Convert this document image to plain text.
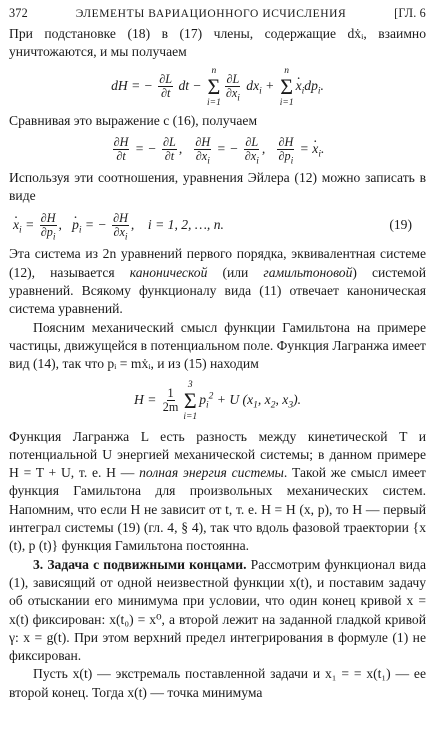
372	ЭЛЕМЕНТЫ ВАРИАЦИОННОГО ИСЧИСЛЕНИЯ	[ГЛ. 6

При подстановке (18) в (17) члены, содержащие dẋᵢ, взаимно уничтожаются, и мы получаем

dH = − $\frac{\partial L}{\partial t}$ dt −
n
Σ
i=1
$\frac{\partial L}{\partial x_i} dx_i$ +
n
Σ
i=1
· $x_idp_i$.

Сравнивая это выражение с (16), получаем

$\frac{\partial H}{\partial t}$ = − $\frac{\partial L}{\partial t}$ , $\frac{\partial H}{\partial x_i}$ = − $\frac{\partial L}{\partial x_i}$ , $\frac{\partial H}{\partial p_i}$ = · $x_i$.

Используя эти соотношения, уравнения Эйлера (12) можно записать в виде

· $x_i = \frac{\partial H}{\partial p_i}$ ,   · $p_i$ = − $\frac{\partial H}{\partial x_i}$ , i = 1, 2, …, n.	(19)

Эта система из 2n уравнений первого порядка, эквивалентная системе (12), называется канонической (или гамильтоновой) системой уравнений. Всякому функционалу вида (11) отвечает каноническая система уравнений.

Поясним механический смысл функции Гамильтона на примере частицы, движущейся в потенциальном поле. Функция Лагранжа имеет вид (14), так что pᵢ = mẋᵢ, и из (15) находим

$H = \frac{1}{2m}$
3
Σ
i=1
$p_i^2 + U$ ($x_1$, $x_2$, $x_3$).

Функция Лагранжа L есть разность между кинетической T и потенциальной U энергией механической системы; в данном примере H = T + U, т. е. H — полная энергия системы. Такой же смысл имеет функция Гамильтона для произвольных механических систем. Напомним, что если H не зависит от t, т. е. H = H (x, p), то H — первый интеграл системы (19) (гл. 4, § 4), так что вдоль фазовой траектории {x (t), p (t)} функция Гамильтона постоянна.

3. Задача с подвижными концами. Рассмотрим функционал вида (1), зависящий от одной неизвестной функции x(t), и поставим задачу об отыскании его минимума при условии, что один конец кривой x = x(t) фиксирован: x(t₀) = x⁰, а второй лежит на заданной гладкой кривой γ: x = g(t). При этом верхний предел интегрирования в формуле (1) не фиксирован.

Пусть x(t) — экстремаль поставленной задачи и x₁ = = x(t₁) — ее второй конец. Тогда x(t) — точка минимума
